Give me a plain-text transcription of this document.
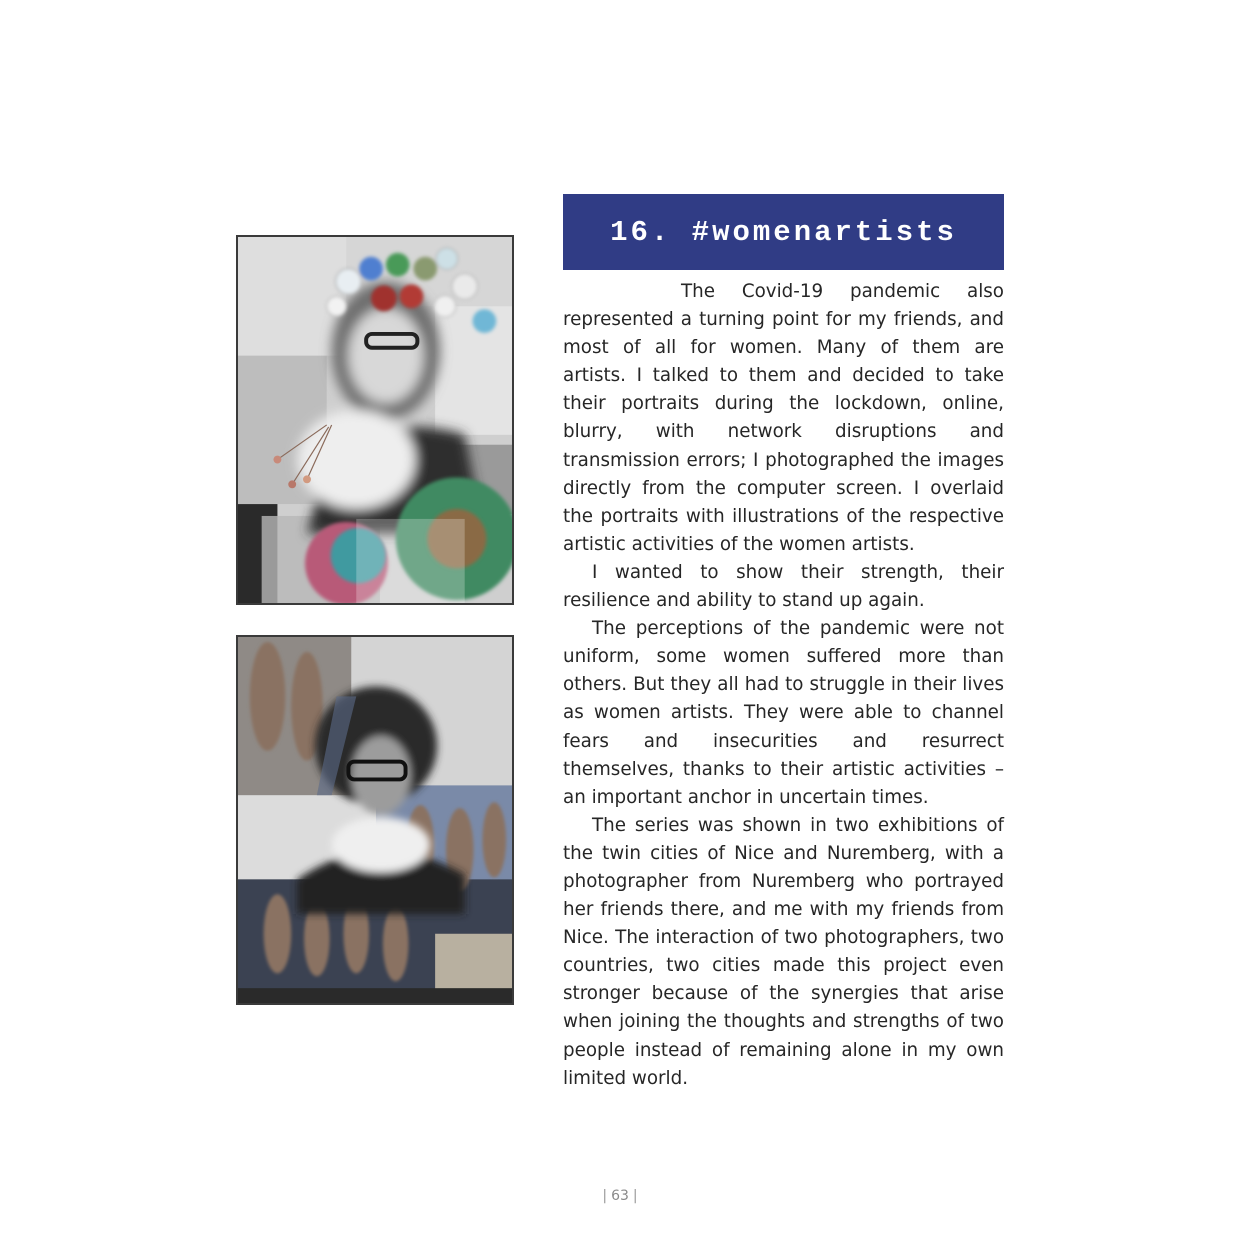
16. #womenartists

The Covid-19 pandemic also represented a turning point for my friends, and most of all for women. Many of them are artists. I talked to them and decided to take their portraits during the lockdown, online, blurry, with network disruptions and transmission errors; I photographed the images directly from the computer screen. I overlaid the portraits with illustrations of the respective artistic activities of the women artists.

I wanted to show their strength, their resilience and ability to stand up again.

The perceptions of the pandemic were not uniform, some women suffered more than others. But they all had to struggle in their lives as women artists. They were able to channel fears and insecurities and resurrect themselves, thanks to their artistic activities – an important anchor in uncertain times.

The series was shown in two exhibitions of the twin cities of Nice and Nuremberg, with a photographer from Nuremberg who portrayed her friends there, and me with my friends from Nice. The interaction of two photographers, two countries, two cities made this project even stronger because of the synergies that arise when joining the thoughts and strengths of two people instead of remaining alone in my own limited world.

| 63 |
